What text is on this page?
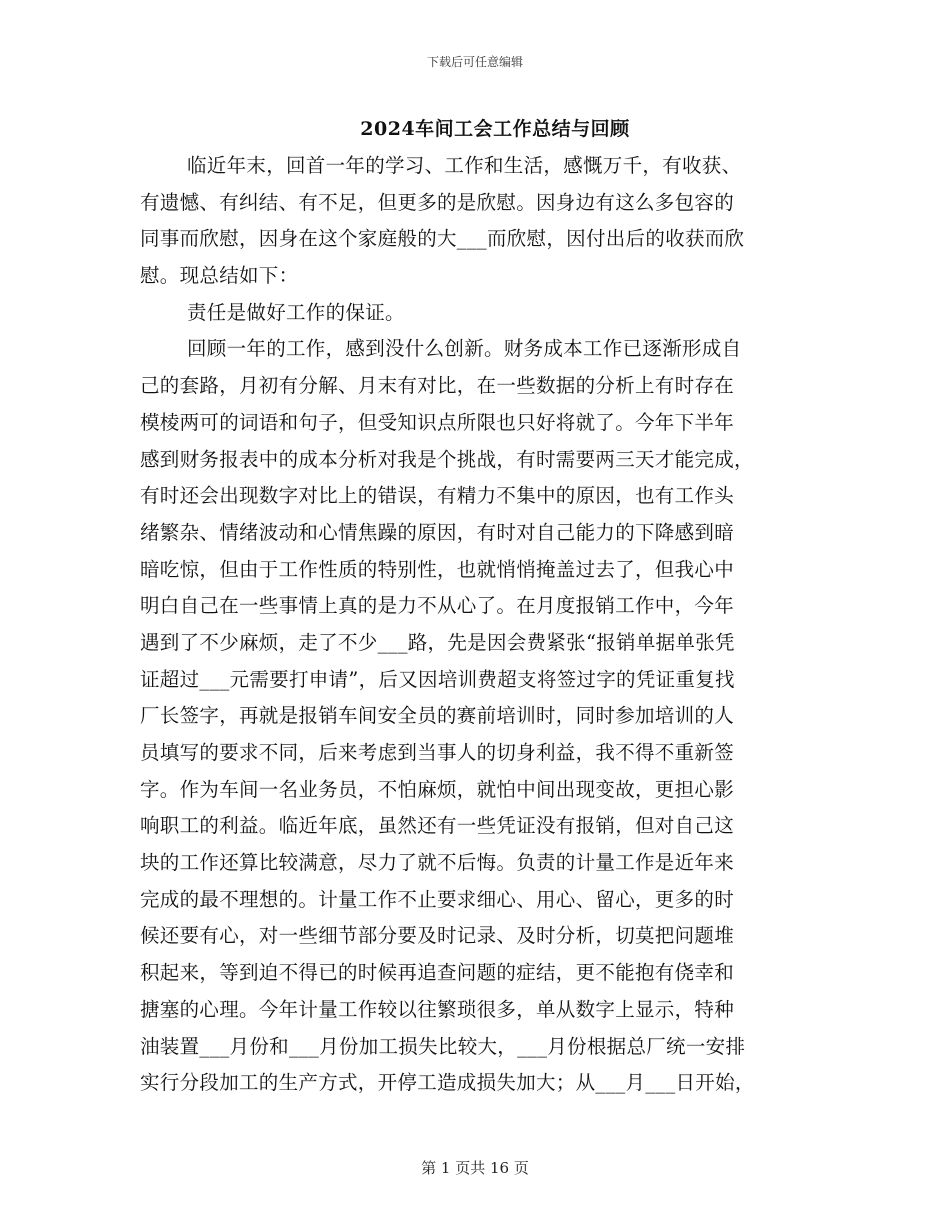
下载后可任意编辑
2024车间工会工作总结与回顾
临近年末，回首一年的学习、工作和生活，感慨万千，有收获、
有遗憾、有纠结、有不足，但更多的是欣慰。因身边有这么多包容的
同事而欣慰，因身在这个家庭般的大___而欣慰，因付出后的收获而欣
慰。现总结如下：
责任是做好工作的保证。
回顾一年的工作，感到没什么创新。财务成本工作已逐渐形成自
己的套路，月初有分解、月末有对比，在一些数据的分析上有时存在
模棱两可的词语和句子，但受知识点所限也只好将就了。今年下半年
感到财务报表中的成本分析对我是个挑战，有时需要两三天才能完成，
有时还会出现数字对比上的错误，有精力不集中的原因，也有工作头
绪繁杂、情绪波动和心情焦躁的原因，有时对自己能力的下降感到暗
暗吃惊，但由于工作性质的特别性，也就悄悄掩盖过去了，但我心中
明白自己在一些事情上真的是力不从心了。在月度报销工作中，今年
遇到了不少麻烦，走了不少___路，先是因会费紧张“报销单据单张凭
证超过___元需要打申请”，后又因培训费超支将签过字的凭证重复找
厂长签字，再就是报销车间安全员的赛前培训时，同时参加培训的人
员填写的要求不同，后来考虑到当事人的切身利益，我不得不重新签
字。作为车间一名业务员，不怕麻烦，就怕中间出现变故，更担心影
响职工的利益。临近年底，虽然还有一些凭证没有报销，但对自己这
块的工作还算比较满意，尽力了就不后悔。负责的计量工作是近年来
完成的最不理想的。计量工作不止要求细心、用心、留心，更多的时
候还要有心，对一些细节部分要及时记录、及时分析，切莫把问题堆
积起来，等到迫不得已的时候再追查问题的症结，更不能抱有侥幸和
搪塞的心理。今年计量工作较以往繁琐很多，单从数字上显示，特种
油装置___月份和___月份加工损失比较大，___月份根据总厂统一安排
实行分段加工的生产方式，开停工造成损失加大；从___月___日开始，
第 1 页共 16 页
